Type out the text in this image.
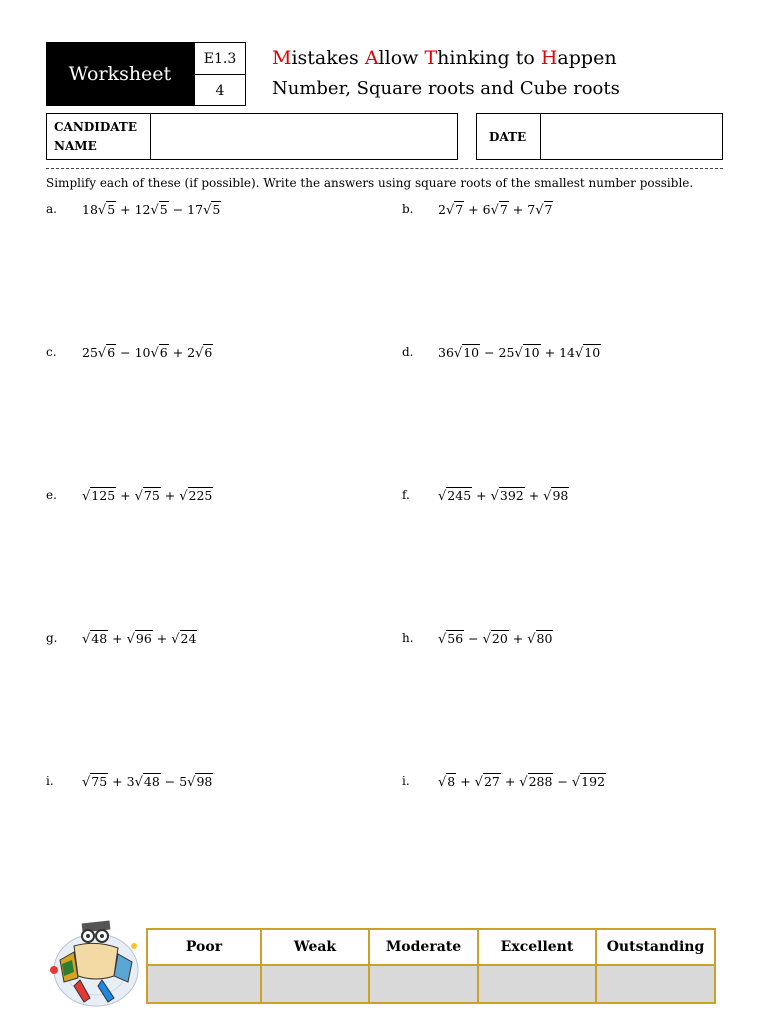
Worksheet
E1.3
4
Mistakes Allow Thinking to Happen
Number, Square roots and Cube roots
CANDIDATE
NAME
DATE
Simplify each of these (if possible). Write the answers using square roots of the smallest number possible.
a. 18√5 + 12√5 − 17√5	b. 2√7 + 6√7 + 7√7
c. 25√6 − 10√6 + 2√6	d. 36√10 − 25√10 + 14√10
e. √125 + √75 + √225	f. √245 + √392 + √98
g. √48 + √96 + √24	h. √56 − √20 + √80
i. √75 + 3√48 − 5√98	i. √8 + √27 + √288 − √192
Poor	Weak	Moderate	Excellent	Outstanding
